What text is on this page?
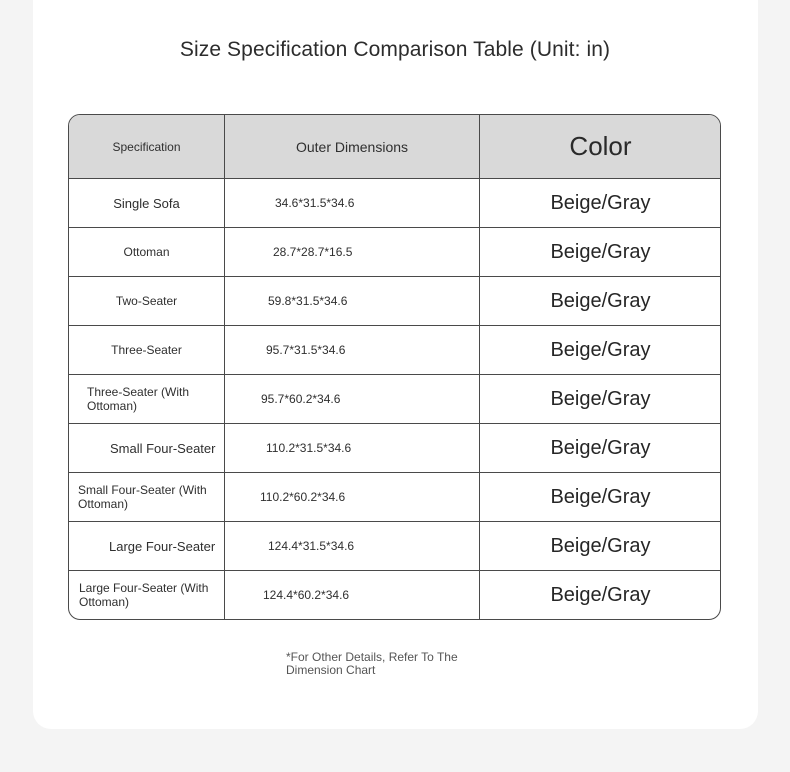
Size Specification Comparison Table (Unit: in)
Specification	Outer Dimensions	Color
Single Sofa	34.6*31.5*34.6	Beige/Gray
Ottoman	28.7*28.7*16.5	Beige/Gray
Two-Seater	59.8*31.5*34.6	Beige/Gray
Three-Seater	95.7*31.5*34.6	Beige/Gray
Three-Seater (With Ottoman)	95.7*60.2*34.6	Beige/Gray
Small Four-Seater	110.2*31.5*34.6	Beige/Gray
Small Four-Seater (With Ottoman)	110.2*60.2*34.6	Beige/Gray
Large Four-Seater	124.4*31.5*34.6	Beige/Gray
Large Four-Seater (With Ottoman)	124.4*60.2*34.6	Beige/Gray
*For Other Details, Refer To The Dimension Chart
